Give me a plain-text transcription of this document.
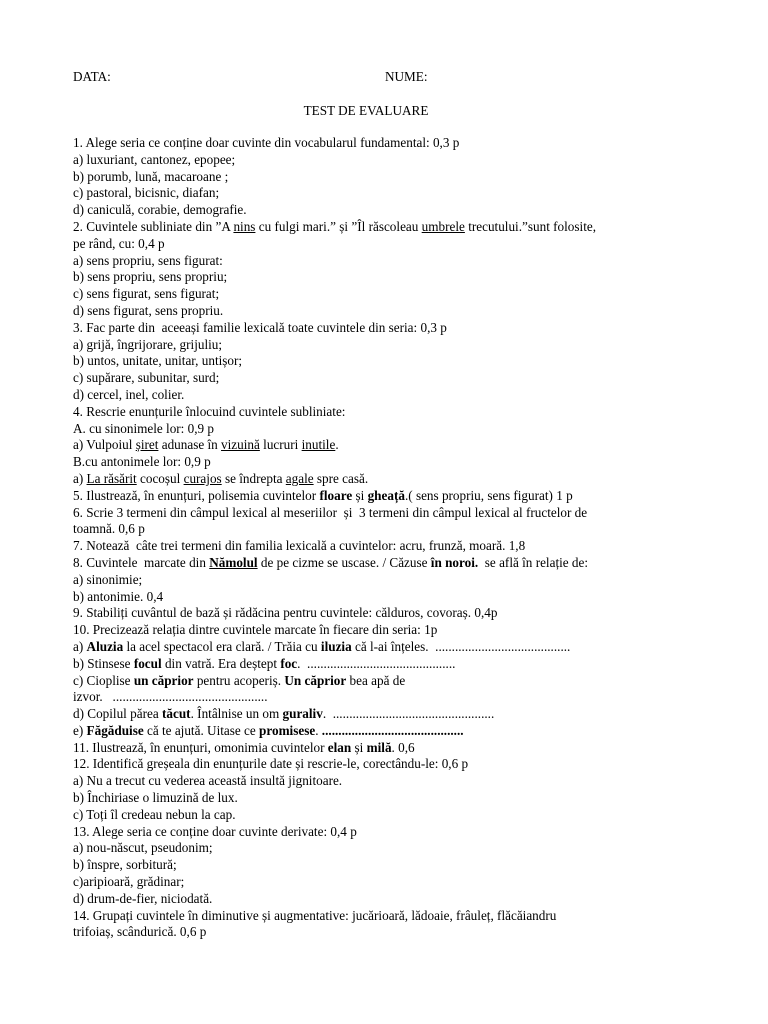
DATA:	NUME:
TEST DE EVALUARE
1. Alege seria ce conține doar cuvinte din vocabularul fundamental: 0,3 p
a) luxuriant, cantonez, epopee;
b) porumb, lună, macaroane ;
c) pastoral, bicisnic, diafan;
d) caniculă, corabie, demografie.
2. Cuvintele subliniate din ”A nins cu fulgi mari.” și ”Îl răscoleau umbrele trecutului.”sunt folosite,
pe rând, cu: 0,4 p
a) sens propriu, sens figurat:
b) sens propriu, sens propriu;
c) sens figurat, sens figurat;
d) sens figurat, sens propriu.
3. Fac parte din  aceeași familie lexicală toate cuvintele din seria: 0,3 p
a) grijă, îngrijorare, grijuliu;
b) untos, unitate, unitar, untișor;
c) supărare, subunitar, surd;
d) cercel, inel, colier.
4. Rescrie enunțurile înlocuind cuvintele subliniate:
A. cu sinonimele lor: 0,9 p
a) Vulpoiul șiret adunase în vizuină lucruri inutile.
B.cu antonimele lor: 0,9 p
a) La răsărit cocoșul curajos se îndrepta agale spre casă.
5. Ilustrează, în enunțuri, polisemia cuvintelor floare și gheață.( sens propriu, sens figurat) 1 p
6. Scrie 3 termeni din câmpul lexical al meseriilor  și  3 termeni din câmpul lexical al fructelor de
toamnă. 0,6 p
7. Notează  câte trei termeni din familia lexicală a cuvintelor: acru, frunză, moară. 1,8
8. Cuvintele  marcate din Nămolul de pe cizme se uscase. / Căzuse în noroi.  se află în relație de:
a) sinonimie;
b) antonimie. 0,4
9. Stabiliți cuvântul de bază și rădăcina pentru cuvintele: călduros, covoraș. 0,4p
10. Precizează relația dintre cuvintele marcate în fiecare din seria: 1p
a) Aluzia la acel spectacol era clară. / Trăia cu iluzia că l-ai înțeles.  .........................................
b) Stinsese focul din vatră. Era deștept foc.  .............................................
c) Cioplise un căprior pentru acoperiș. Un căprior bea apă de
izvor.   ...............................................
d) Copilul părea tăcut. Întâlnise un om guraliv.  .................................................
e) Făgăduise că te ajută. Uitase ce promisese. ...........................................
11. Ilustrează, în enunțuri, omonimia cuvintelor elan și milă. 0,6
12. Identifică greșeala din enunțurile date și rescrie-le, corectându-le: 0,6 p
a) Nu a trecut cu vederea această insultă jignitoare.
b) Închiriase o limuzină de lux.
c) Toți îl credeau nebun la cap.
13. Alege seria ce conține doar cuvinte derivate: 0,4 p
a) nou-născut, pseudonim;
b) înspre, sorbitură;
c)aripioară, grădinar;
d) drum-de-fier, niciodată.
14. Grupați cuvintele în diminutive și augmentative: jucărioară, lădoaie, frâuleț, flăcăiandru
trifoiaș, scândurică. 0,6 p
